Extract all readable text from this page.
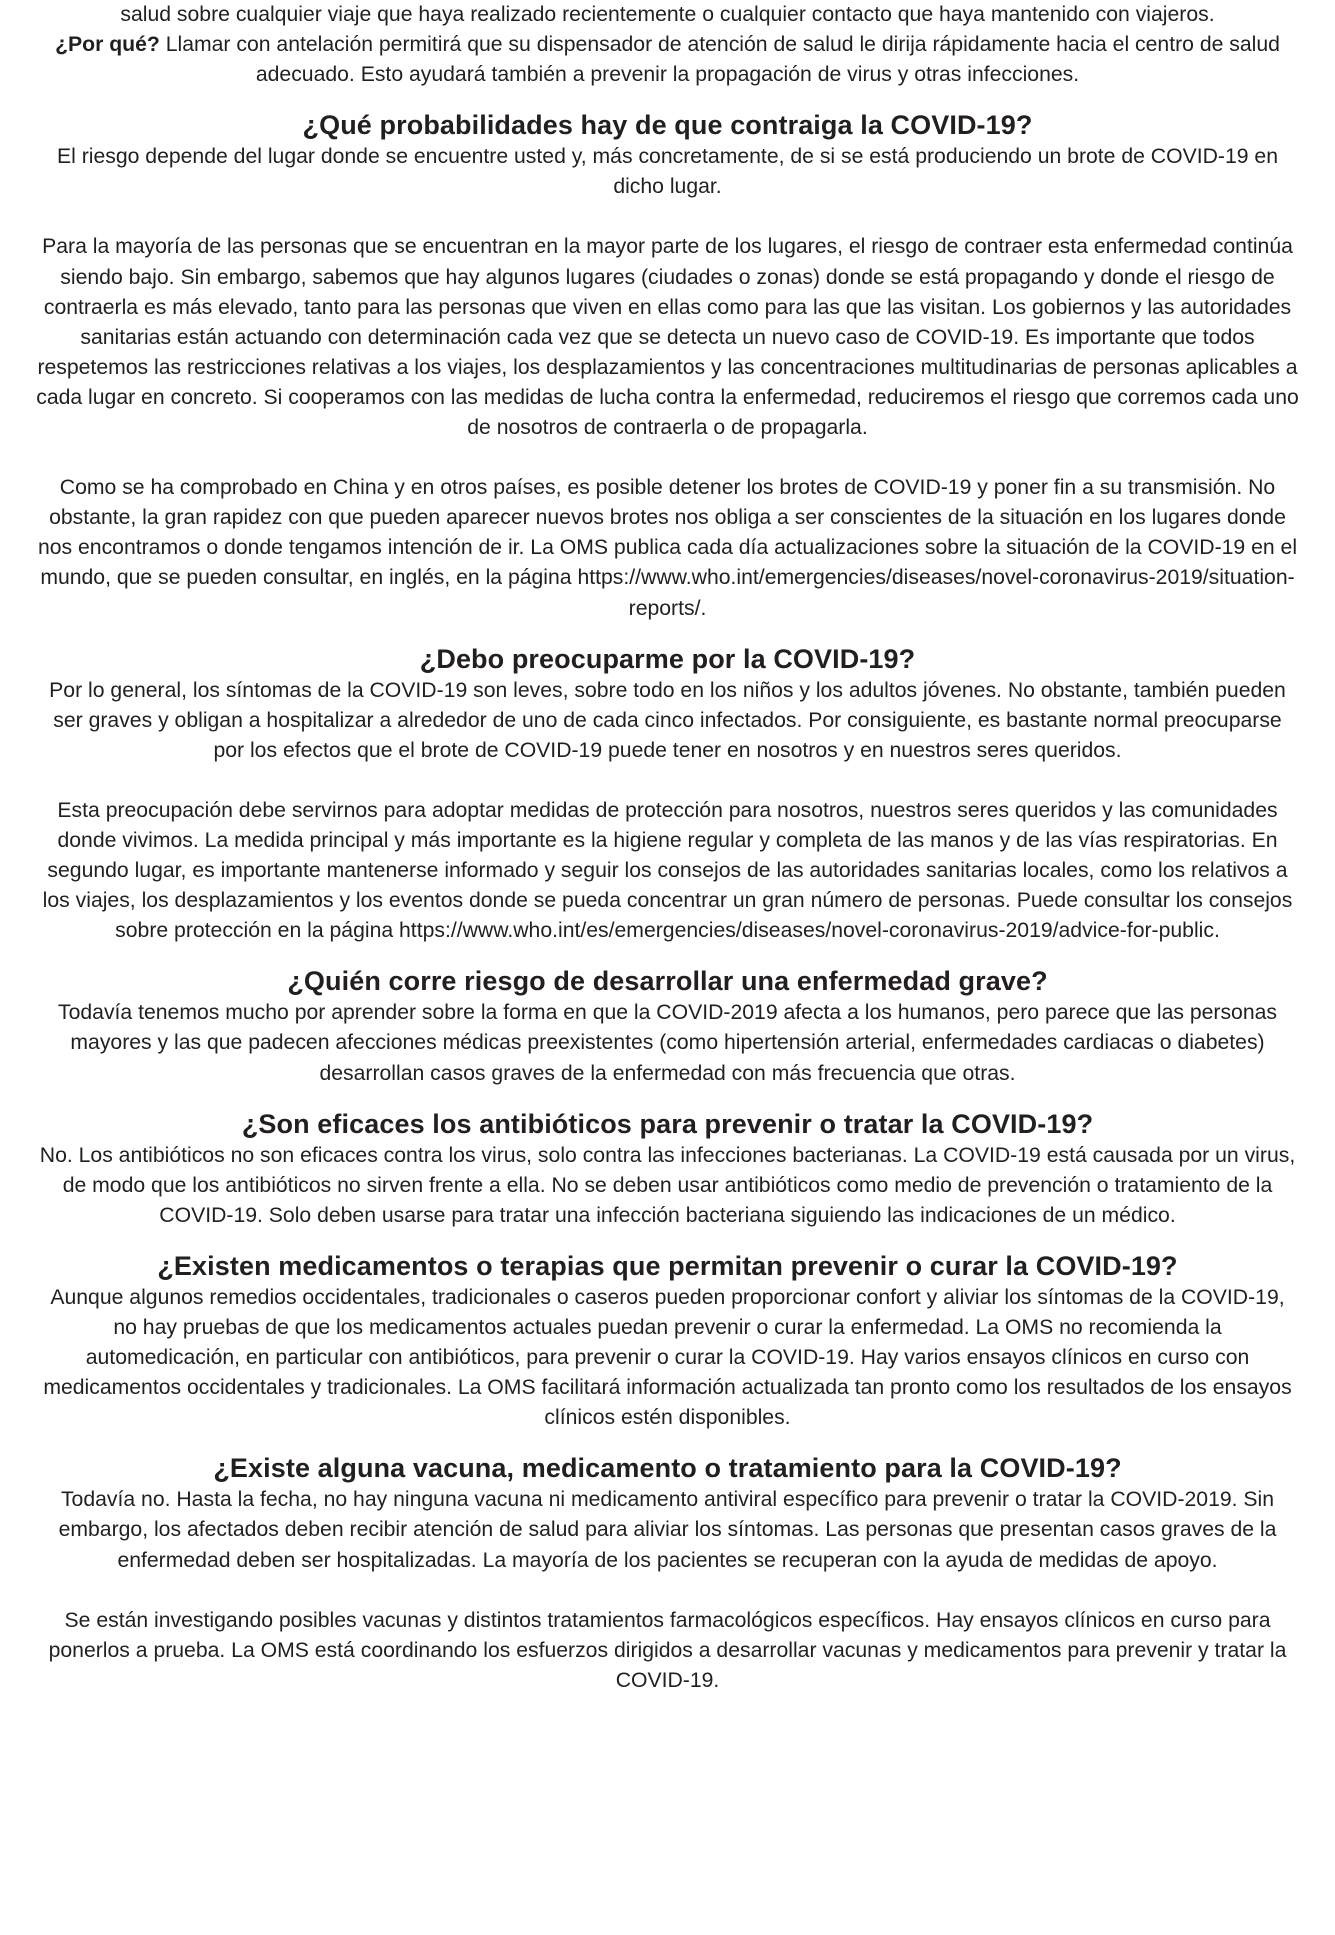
salud sobre cualquier viaje que haya realizado recientemente o cualquier contacto que haya mantenido con viajeros.
¿Por qué? Llamar con antelación permitirá que su dispensador de atención de salud le dirija rápidamente hacia el centro de salud adecuado. Esto ayudará también a prevenir la propagación de virus y otras infecciones.

¿Qué probabilidades hay de que contraiga la COVID-19?

El riesgo depende del lugar donde se encuentre usted y, más concretamente, de si se está produciendo un brote de COVID-19 en dicho lugar.

Para la mayoría de las personas que se encuentran en la mayor parte de los lugares, el riesgo de contraer esta enfermedad continúa siendo bajo. Sin embargo, sabemos que hay algunos lugares (ciudades o zonas) donde se está propagando y donde el riesgo de contraerla es más elevado, tanto para las personas que viven en ellas como para las que las visitan. Los gobiernos y las autoridades sanitarias están actuando con determinación cada vez que se detecta un nuevo caso de COVID-19. Es importante que todos respetemos las restricciones relativas a los viajes, los desplazamientos y las concentraciones multitudinarias de personas aplicables a cada lugar en concreto. Si cooperamos con las medidas de lucha contra la enfermedad, reduciremos el riesgo que corremos cada uno de nosotros de contraerla o de propagarla.

Como se ha comprobado en China y en otros países, es posible detener los brotes de COVID-19 y poner fin a su transmisión. No obstante, la gran rapidez con que pueden aparecer nuevos brotes nos obliga a ser conscientes de la situación en los lugares donde nos encontramos o donde tengamos intención de ir. La OMS publica cada día actualizaciones sobre la situación de la COVID-19 en el mundo, que se pueden consultar, en inglés, en la página https://www.who.int/emergencies/diseases/novel-coronavirus-2019/situation-reports/.

¿Debo preocuparme por la COVID-19?

Por lo general, los síntomas de la COVID-19 son leves, sobre todo en los niños y los adultos jóvenes. No obstante, también pueden ser graves y obligan a hospitalizar a alrededor de uno de cada cinco infectados. Por consiguiente, es bastante normal preocuparse por los efectos que el brote de COVID-19 puede tener en nosotros y en nuestros seres queridos.

Esta preocupación debe servirnos para adoptar medidas de protección para nosotros, nuestros seres queridos y las comunidades donde vivimos. La medida principal y más importante es la higiene regular y completa de las manos y de las vías respiratorias. En segundo lugar, es importante mantenerse informado y seguir los consejos de las autoridades sanitarias locales, como los relativos a los viajes, los desplazamientos y los eventos donde se pueda concentrar un gran número de personas. Puede consultar los consejos sobre protección en la página https://www.who.int/es/emergencies/diseases/novel-coronavirus-2019/advice-for-public.

¿Quién corre riesgo de desarrollar una enfermedad grave?

Todavía tenemos mucho por aprender sobre la forma en que la COVID-2019 afecta a los humanos, pero parece que las personas mayores y las que padecen afecciones médicas preexistentes (como hipertensión arterial, enfermedades cardiacas o diabetes) desarrollan casos graves de la enfermedad con más frecuencia que otras.

¿Son eficaces los antibióticos para prevenir o tratar la COVID-19?

No. Los antibióticos no son eficaces contra los virus, solo contra las infecciones bacterianas. La COVID-19 está causada por un virus, de modo que los antibióticos no sirven frente a ella. No se deben usar antibióticos como medio de prevención o tratamiento de la COVID-19. Solo deben usarse para tratar una infección bacteriana siguiendo las indicaciones de un médico.

¿Existen medicamentos o terapias que permitan prevenir o curar la COVID-19?

Aunque algunos remedios occidentales, tradicionales o caseros pueden proporcionar confort y aliviar los síntomas de la COVID-19, no hay pruebas de que los medicamentos actuales puedan prevenir o curar la enfermedad. La OMS no recomienda la automedicación, en particular con antibióticos, para prevenir o curar la COVID-19. Hay varios ensayos clínicos en curso con medicamentos occidentales y tradicionales. La OMS facilitará información actualizada tan pronto como los resultados de los ensayos clínicos estén disponibles.

¿Existe alguna vacuna, medicamento o tratamiento para la COVID-19?

Todavía no. Hasta la fecha, no hay ninguna vacuna ni medicamento antiviral específico para prevenir o tratar la COVID-2019. Sin embargo, los afectados deben recibir atención de salud para aliviar los síntomas. Las personas que presentan casos graves de la enfermedad deben ser hospitalizadas. La mayoría de los pacientes se recuperan con la ayuda de medidas de apoyo.

Se están investigando posibles vacunas y distintos tratamientos farmacológicos específicos. Hay ensayos clínicos en curso para ponerlos a prueba. La OMS está coordinando los esfuerzos dirigidos a desarrollar vacunas y medicamentos para prevenir y tratar la COVID-19.
